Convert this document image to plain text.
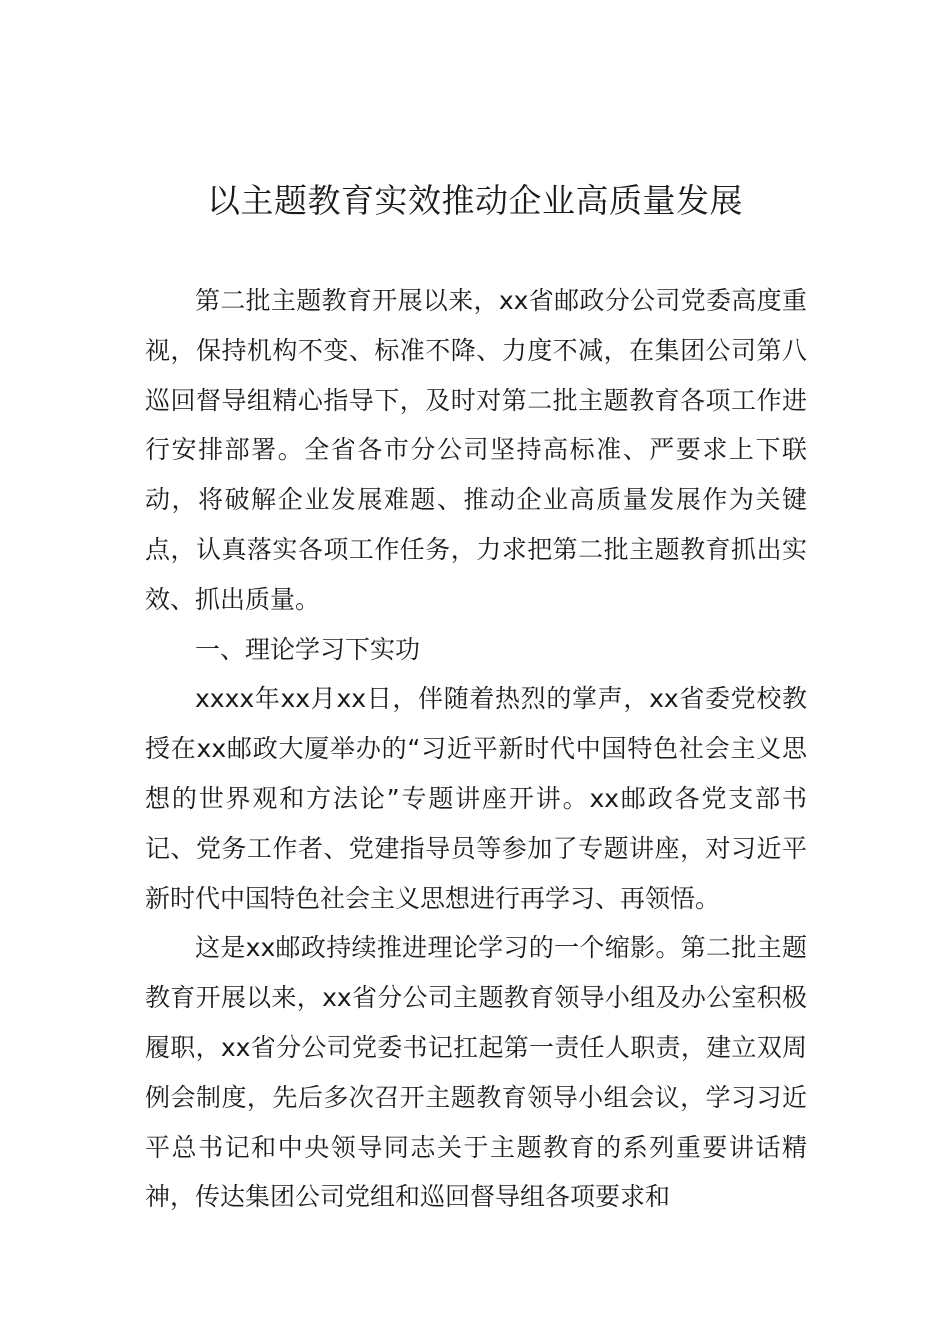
以主题教育实效推动企业高质量发展

第二批主题教育开展以来，xx省邮政分公司党委高度重视，保持机构不变、标准不降、力度不减，在集团公司第八巡回督导组精心指导下，及时对第二批主题教育各项工作进行安排部署。全省各市分公司坚持高标准、严要求上下联动，将破解企业发展难题、推动企业高质量发展作为关键点，认真落实各项工作任务，力求把第二批主题教育抓出实效、抓出质量。

一、理论学习下实功

xxxx年xx月xx日，伴随着热烈的掌声，xx省委党校教授在xx邮政大厦举办的“习近平新时代中国特色社会主义思想的世界观和方法论”专题讲座开讲。xx邮政各党支部书记、党务工作者、党建指导员等参加了专题讲座，对习近平新时代中国特色社会主义思想进行再学习、再领悟。

这是xx邮政持续推进理论学习的一个缩影。第二批主题教育开展以来，xx省分公司主题教育领导小组及办公室积极履职，xx省分公司党委书记扛起第一责任人职责，建立双周例会制度，先后多次召开主题教育领导小组会议，学习习近平总书记和中央领导同志关于主题教育的系列重要讲话精神，传达集团公司党组和巡回督导组各项要求和
